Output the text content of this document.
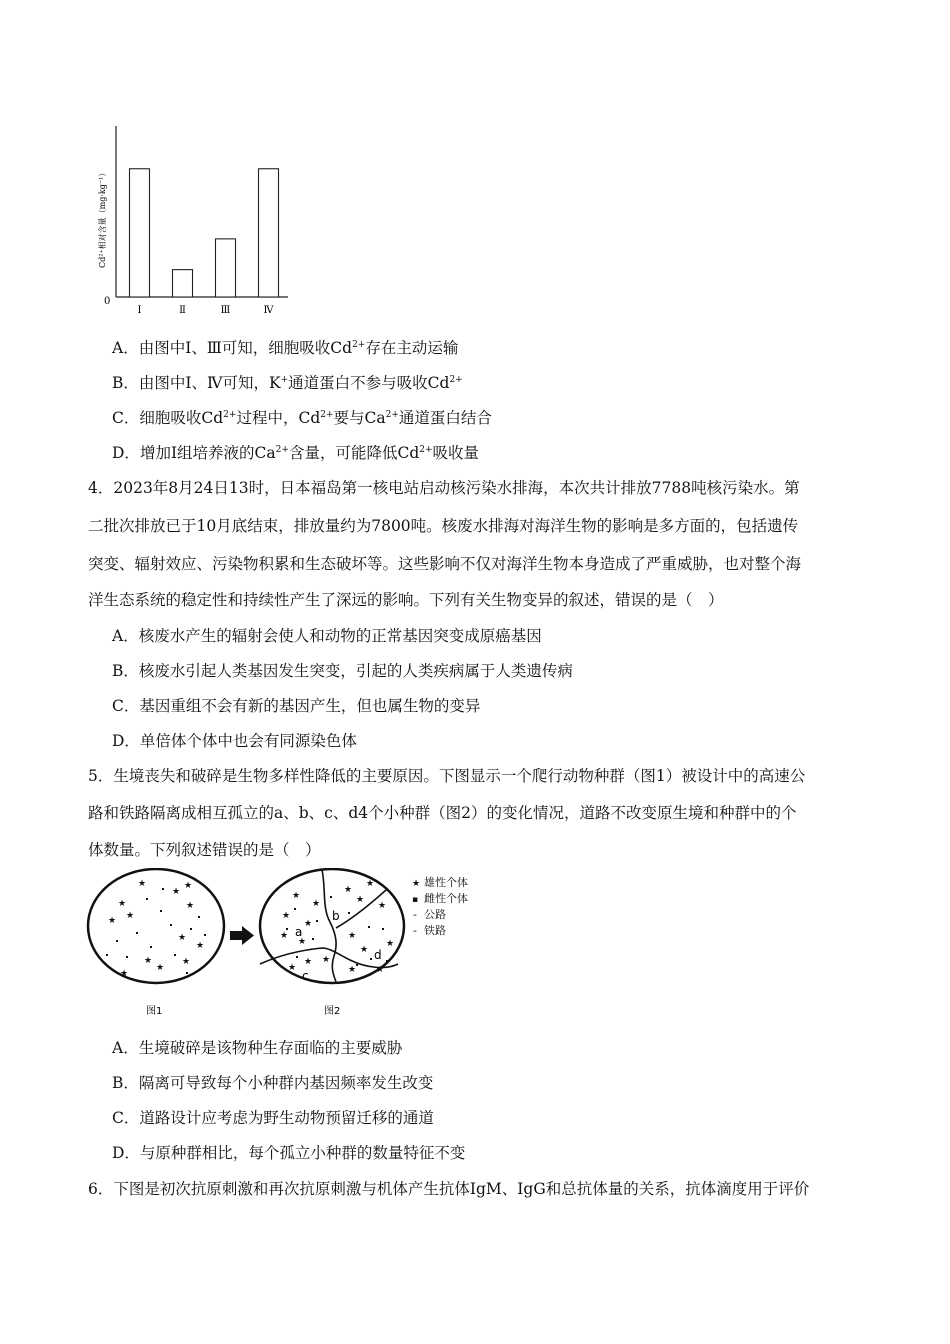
Cd²⁺相对含量（mg·kg⁻¹）
0
Ⅰ	Ⅱ	Ⅲ	Ⅳ
A．由图中Ⅰ、Ⅲ可知，细胞吸收$Cd^{2+}$存在主动运输
B．由图中Ⅰ、Ⅳ可知，K+通道蛋白不参与吸收$Cd^{2+}$
C．细胞吸收$Cd^{2+}$过程中，$Cd^{2+}$要与$Ca^{2+}$通道蛋白结合
D．增加Ⅰ组培养液的$Ca^{2+}$含量，可能降低$Cd^{2+}$吸收量
4．2023年8月24日13时，日本福岛第一核电站启动核污染水排海，本次共计排放7788吨核污染水。第
二批次排放已于10月底结束，排放量约为7800吨。核废水排海对海洋生物的影响是多方面的，包括遗传
突变、辐射效应、污染物积累和生态破坏等。这些影响不仅对海洋生物本身造成了严重威胁，也对整个海
洋生态系统的稳定性和持续性产生了深远的影响。下列有关生物变异的叙述，错误的是（　）
A．核废水产生的辐射会使人和动物的正常基因突变成原癌基因
B．核废水引起人类基因发生突变，引起的人类疾病属于人类遗传病
C．基因重组不会有新的基因产生，但也属生物的变异
D．单倍体个体中也会有同源染色体
5．生境丧失和破碎是生物多样性降低的主要原因。下图显示一个爬行动物种群（图1）被设计中的高速公
路和铁路隔离成相互孤立的a、b、c、d4个小种群（图2）的变化情况，道路不改变原生境和种群中的个
体数量。下列叙述错误的是（　）
★
★
★
★
★
★
★
★
★
★
★
★
★
图1
★
★
★
★
★
★
★
★
★
★
★
★
★
★
★
★
★ ★
a
b
c
d
图2
★ 雄性个体
▪ 雌性个体
- 公路
- 铁路
A．生境破碎是该物种生存面临的主要威胁
B．隔离可导致每个小种群内基因频率发生改变
C．道路设计应考虑为野生动物预留迁移的通道
D．与原种群相比，每个孤立小种群的数量特征不变
6．下图是初次抗原刺激和再次抗原刺激与机体产生抗体IgM、IgG和总抗体量的关系，抗体滴度用于评价
